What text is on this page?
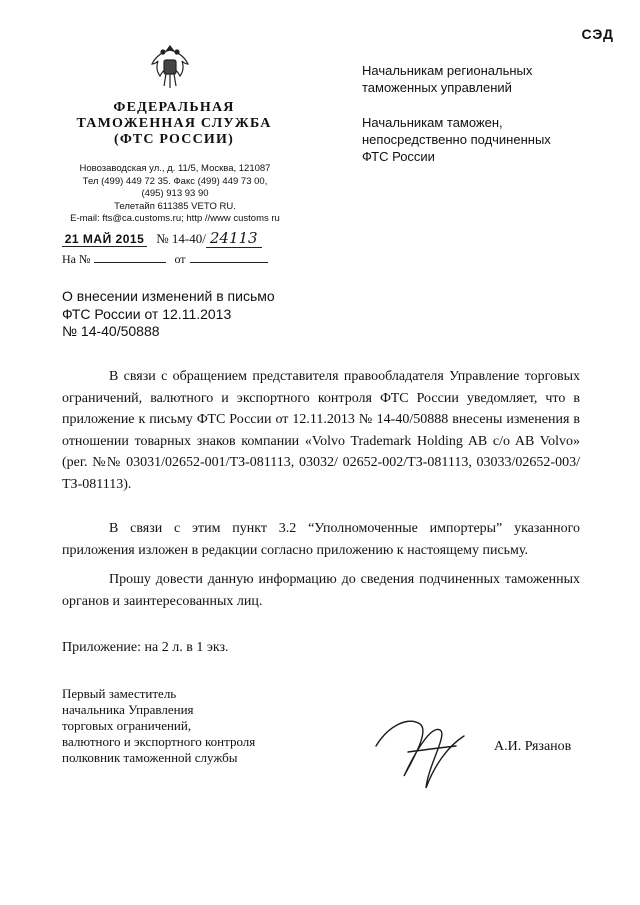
СЭД
ФЕДЕРАЛЬНАЯ
ТАМОЖЕННАЯ СЛУЖБА
(ФТС РОССИИ)
Новозаводская ул., д. 11/5, Москва, 121087
Тел (499) 449 72 35. Факс (499) 449 73 00,
(495) 913 93 90
Телетайп 611385 VETO RU.
E-mail: fts@ca.customs.ru; http //www customs ru
21 МАЙ 2015 № 14-40/ 24113
На №	от
Начальникам региональных
таможенных управлений
Начальникам таможен,
непосредственно подчиненных
ФТС России
О внесении изменений в письмо
ФТС России от 12.11.2013
№ 14-40/50888

В связи с обращением представителя правообладателя Управление торговых ограничений, валютного и экспортного контроля ФТС России уведомляет, что в приложение к письму ФТС России от 12.11.2013 № 14-40/50888 внесены изменения в отношении товарных знаков компании «Volvo Trademark Holding AB c/o AB Volvo» (рег. №№ 03031/02652-001/ТЗ-081113, 03032/ 02652-002/ТЗ-081113, 03033/02652-003/ТЗ-081113).

В связи с этим пункт 3.2 “Уполномоченные импортеры” указанного приложения изложен в редакции согласно приложению к настоящему письму.

Прошу довести данную информацию до сведения подчиненных таможенных органов и заинтересованных лиц.

Приложение: на 2 л. в 1 экз.
Первый заместитель
начальника Управления
торговых ограничений,
валютного и экспортного контроля
полковник таможенной службы
А.И. Рязанов
